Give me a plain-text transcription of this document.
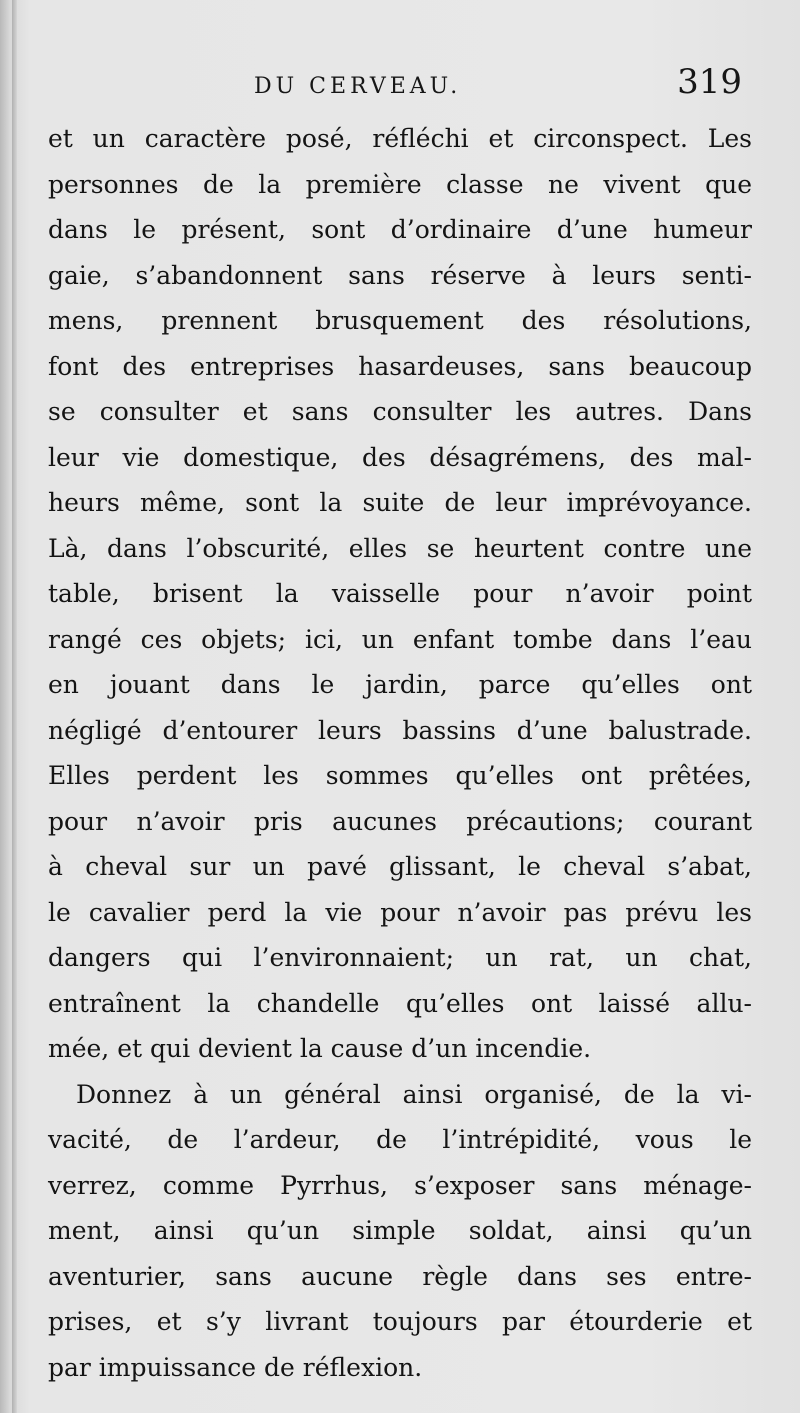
DU CERVEAU.	319
et un caractère posé, réfléchi et circonspect. Les
personnes de la première classe ne vivent que
dans le présent, sont d’ordinaire d’une humeur
gaie, s’abandonnent sans réserve à leurs senti-
mens, prennent brusquement des résolutions,
font des entreprises hasardeuses, sans beaucoup
se consulter et sans consulter les autres. Dans
leur vie domestique, des désagrémens, des mal-
heurs même, sont la suite de leur imprévoyance.
Là, dans l’obscurité, elles se heurtent contre une
table, brisent la vaisselle pour n’avoir point
rangé ces objets; ici, un enfant tombe dans l’eau
en jouant dans le jardin, parce qu’elles ont
négligé d’entourer leurs bassins d’une balustrade.
Elles perdent les sommes qu’elles ont prêtées,
pour n’avoir pris aucunes précautions; courant
à cheval sur un pavé glissant, le cheval s’abat,
le cavalier perd la vie pour n’avoir pas prévu les
dangers qui l’environnaient; un rat, un chat,
entraînent la chandelle qu’elles ont laissé allu-
mée, et qui devient la cause d’un incendie.
Donnez à un général ainsi organisé, de la vi-
vacité, de l’ardeur, de l’intrépidité, vous le
verrez, comme Pyrrhus, s’exposer sans ménage-
ment, ainsi qu’un simple soldat, ainsi qu’un
aventurier, sans aucune règle dans ses entre-
prises, et s’y livrant toujours par étourderie et
par impuissance de réflexion.
